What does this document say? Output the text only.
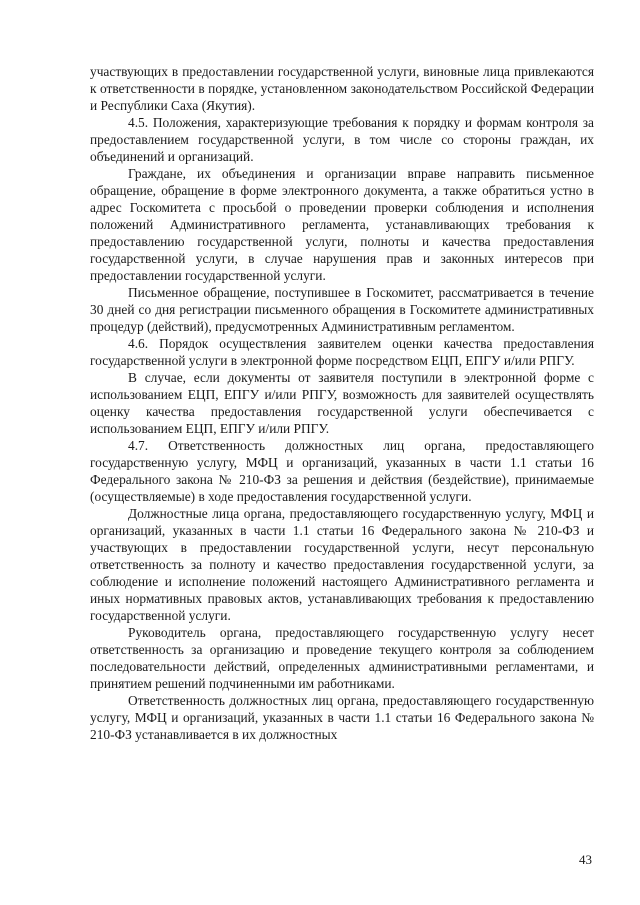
участвующих в предоставлении государственной услуги, виновные лица привлекаются к ответственности в порядке, установленном законодательством Российской Федерации и Республики Саха (Якутия).

4.5. Положения, характеризующие требования к порядку и формам контроля за предоставлением государственной услуги, в том числе со стороны граждан, их объединений и организаций.

Граждане, их объединения и организации вправе направить письменное обращение, обращение в форме электронного документа, а также обратиться устно в адрес Госкомитета с просьбой о проведении проверки соблюдения и исполнения положений Административного регламента, устанавливающих требования к предоставлению государственной услуги, полноты и качества предоставления государственной услуги, в случае нарушения прав и законных интересов при предоставлении государственной услуги.

Письменное обращение, поступившее в Госкомитет, рассматривается в течение 30 дней со дня регистрации письменного обращения в Госкомитете административных процедур (действий), предусмотренных Административным регламентом.

4.6. Порядок осуществления заявителем оценки качества предоставления государственной услуги в электронной форме посредством ЕЦП, ЕПГУ и/или РПГУ.

В случае, если документы от заявителя поступили в электронной форме с использованием ЕЦП, ЕПГУ и/или РПГУ, возможность для заявителей осуществлять оценку качества предоставления государственной услуги обеспечивается с использованием ЕЦП, ЕПГУ и/или РПГУ.

4.7. Ответственность должностных лиц органа, предоставляющего государственную услугу, МФЦ и организаций, указанных в части 1.1 статьи 16 Федерального закона № 210-ФЗ за решения и действия (бездействие), принимаемые (осуществляемые) в ходе предоставления государственной услуги.

Должностные лица органа, предоставляющего государственную услугу, МФЦ и организаций, указанных в части 1.1 статьи 16 Федерального закона № 210-ФЗ и участвующих в предоставлении государственной услуги, несут персональную ответственность за полноту и качество предоставления государственной услуги, за соблюдение и исполнение положений настоящего Административного регламента и иных нормативных правовых актов, устанавливающих требования к предоставлению государственной услуги.

Руководитель органа, предоставляющего государственную услугу несет ответственность за организацию и проведение текущего контроля за соблюдением последовательности действий, определенных административными регламентами, и принятием решений подчиненными им работниками.

Ответственность должностных лиц органа, предоставляющего государственную услугу, МФЦ и организаций, указанных в части 1.1 статьи 16 Федерального закона № 210-ФЗ устанавливается в их должностных

43
